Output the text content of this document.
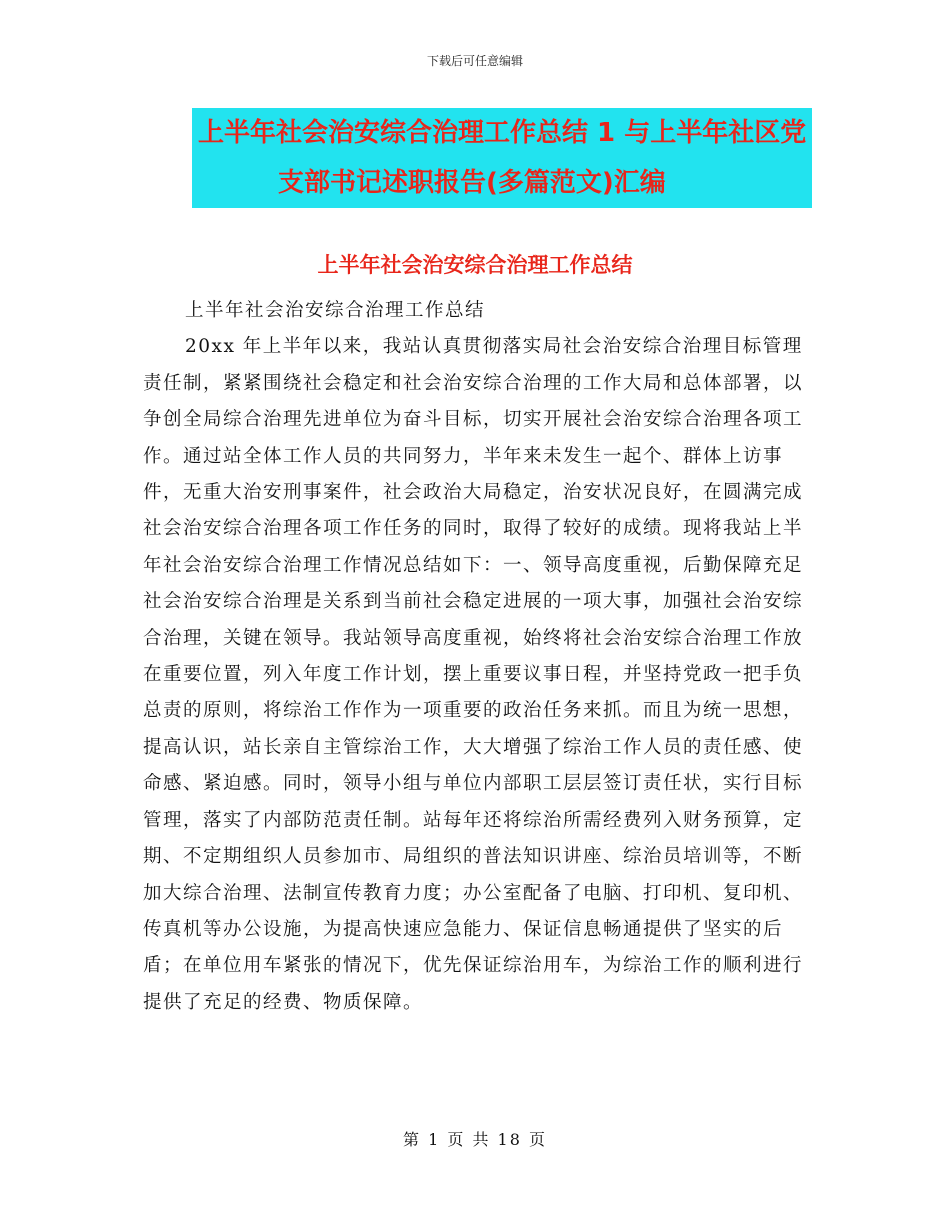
下载后可任意编辑
上半年社会治安综合治理工作总结 1 与上半年社区党
支部书记述职报告(多篇范文)汇编
上半年社会治安综合治理工作总结

上半年社会治安综合治理工作总结

20xx 年上半年以来，我站认真贯彻落实局社会治安综合治理目标管理责任制，紧紧围绕社会稳定和社会治安综合治理的工作大局和总体部署，以争创全局综合治理先进单位为奋斗目标，切实开展社会治安综合治理各项工作。通过站全体工作人员的共同努力，半年来未发生一起个、群体上访事件，无重大治安刑事案件，社会政治大局稳定，治安状况良好，在圆满完成社会治安综合治理各项工作任务的同时，取得了较好的成绩。现将我站上半年社会治安综合治理工作情况总结如下：一、领导高度重视，后勤保障充足

社会治安综合治理是关系到当前社会稳定进展的一项大事，加强社会治安综合治理，关键在领导。我站领导高度重视，始终将社会治安综合治理工作放在重要位置，列入年度工作计划，摆上重要议事日程，并坚持党政一把手负总责的原则，将综治工作作为一项重要的政治任务来抓。而且为统一思想，提高认识，站长亲自主管综治工作，大大增强了综治工作人员的责任感、使命感、紧迫感。同时，领导小组与单位内部职工层层签订责任状，实行目标管理，落实了内部防范责任制。站每年还将综治所需经费列入财务预算，定期、不定期组织人员参加市、局组织的普法知识讲座、综治员培训等，不断加大综合治理、法制宣传教育力度；办公室配备了电脑、打印机、复印机、传真机等办公设施，为提高快速应急能力、保证信息畅通提供了坚实的后盾；在单位用车紧张的情况下，优先保证综治用车，为综治工作的顺利进行提供了充足的经费、物质保障。

第 1 页 共 18 页
